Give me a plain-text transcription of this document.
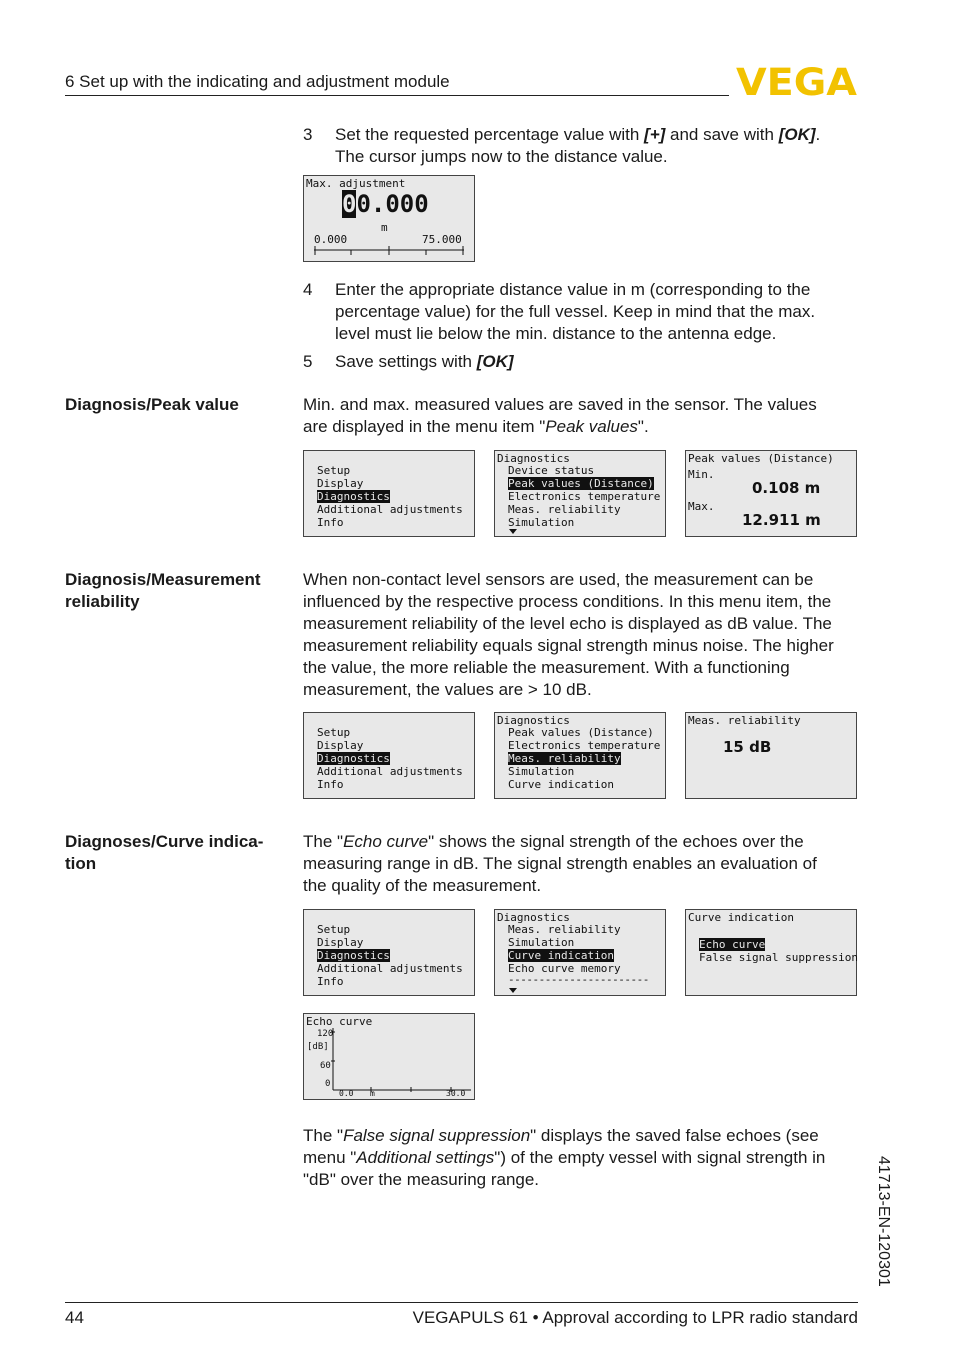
6 Set up with the indicating and adjustment module	VEGA
3 Set the requested percentage value with [+] and save with [OK].
The cursor jumps now to the distance value.
Max. adjustment
00.000
m
0.000	75.000
4 Enter the appropriate distance value in m (corresponding to the
percentage value) for the full vessel. Keep in mind that the max.
level must lie below the min. distance to the antenna edge.
5 Save settings with [OK]
Diagnosis/Peak value	Min. and max. measured values are saved in the sensor. The values
are displayed in the menu item "Peak values".
Setup
Display
Diagnostics
Additional adjustments
Info
Diagnostics
Device status
Peak values (Distance)
Electronics temperature
Meas. reliability
Simulation
Peak values (Distance)
Min.
0.108 m
Max.
12.911 m
Diagnosis/Measurement
reliability
When non-contact level sensors are used, the measurement can be
influenced by the respective process conditions. In this menu item, the
measurement reliability of the level echo is displayed as dB value. The
measurement reliability equals signal strength minus noise. The higher
the value, the more reliable the measurement. With a functioning
measurement, the values are > 10 dB.
Setup
Display
Diagnostics
Additional adjustments
Info
Diagnostics
Peak values (Distance)
Electronics temperature
Meas. reliability
Simulation
Curve indication
Meas. reliability
15 dB
Diagnoses/Curve indica-
tion
The "Echo curve" shows the signal strength of the echoes over the
measuring range in dB. The signal strength enables an evaluation of
the quality of the measurement.
Setup
Display
Diagnostics
Additional adjustments
Info
Diagnostics
Meas. reliability
Simulation
Curve indication
Echo curve memory
-----------------------
Curve indication
Echo curve
False signal suppression
Echo curve
120
[dB]
60
0
0.0 m	30.0
The "False signal suppression" displays the saved false echoes (see
menu "Additional settings") of the empty vessel with signal strength in
"dB" over the measuring range.	41713-EN-120301
44	VEGAPULS 61 • Approval according to LPR radio standard
